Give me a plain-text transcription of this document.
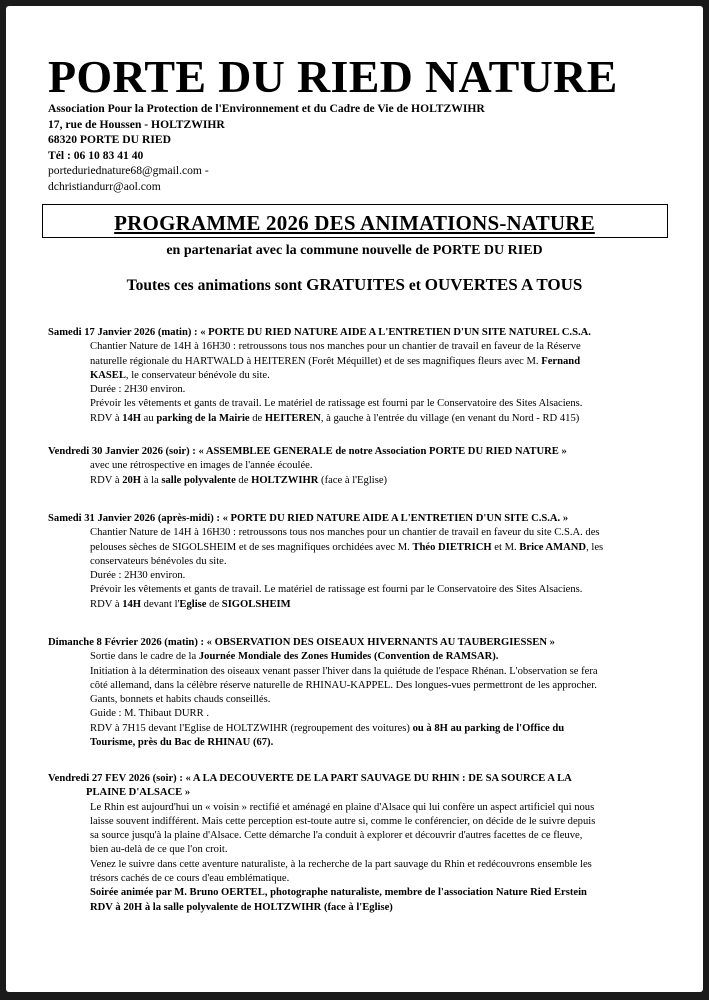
PORTE DU RIED NATURE
Association Pour la Protection de l'Environnement et du Cadre de Vie de HOLTZWIHR
17, rue de Houssen - HOLTZWIHR
68320 PORTE DU RIED
Tél : 06 10 83 41 40
porteduriednature68@gmail.com -
dchristiandurr@aol.com
PROGRAMME 2026 DES ANIMATIONS-NATURE
en partenariat avec la commune nouvelle de PORTE DU RIED
Toutes ces animations sont GRATUITES et OUVERTES A TOUS
Samedi 17 Janvier 2026 (matin) : « PORTE DU RIED NATURE AIDE A L'ENTRETIEN D'UN SITE NATUREL C.S.A.
Chantier Nature de 14H à 16H30 : retroussons tous nos manches pour un chantier de travail en faveur de la Réserve
naturelle régionale du HARTWALD à HEITEREN (Forêt Méquillet) et de ses magnifiques fleurs avec M. Fernand
KASEL, le conservateur bénévole du site.
Durée : 2H30 environ.
Prévoir les vêtements et gants de travail. Le matériel de ratissage est fourni par le Conservatoire des Sites Alsaciens.
RDV à 14H au parking de la Mairie de HEITEREN, à gauche à l'entrée du village (en venant du Nord - RD 415)
Vendredi 30 Janvier 2026 (soir) : « ASSEMBLEE GENERALE de notre Association PORTE DU RIED NATURE »
avec une rétrospective en images de l'année écoulée.
RDV à 20H à la salle polyvalente de HOLTZWIHR (face à l'Eglise)
Samedi 31 Janvier 2026 (après-midi) : « PORTE DU RIED NATURE AIDE A L'ENTRETIEN D'UN SITE C.S.A. »
Chantier Nature de 14H à 16H30 : retroussons tous nos manches pour un chantier de travail en faveur du site C.S.A. des
pelouses sèches de SIGOLSHEIM et de ses magnifiques orchidées avec M. Théo DIETRICH et M. Brice AMAND, les
conservateurs bénévoles du site.
Durée : 2H30 environ.
Prévoir les vêtements et gants de travail. Le matériel de ratissage est fourni par le Conservatoire des Sites Alsaciens.
RDV à 14H devant l'Eglise de SIGOLSHEIM
Dimanche 8 Février 2026 (matin) : « OBSERVATION DES OISEAUX HIVERNANTS AU TAUBERGIESSEN »
Sortie dans le cadre de la Journée Mondiale des Zones Humides (Convention de RAMSAR).
Initiation à la détermination des oiseaux venant passer l'hiver dans la quiétude de l'espace Rhénan. L'observation se fera
côté allemand, dans la célèbre réserve naturelle de RHINAU-KAPPEL. Des longues-vues permettront de les approcher.
Gants, bonnets et habits chauds conseillés.
Guide : M. Thibaut DURR .
RDV à 7H15 devant l'Eglise de HOLTZWIHR (regroupement des voitures) ou à 8H au parking de l'Office du
Tourisme, près du Bac de RHINAU (67).
Vendredi 27 FEV 2026 (soir) : « A LA DECOUVERTE DE LA PART SAUVAGE DU RHIN : DE SA SOURCE A LA
PLAINE D'ALSACE »
Le Rhin est aujourd'hui un « voisin » rectifié et aménagé en plaine d'Alsace qui lui confère un aspect artificiel qui nous
laisse souvent indifférent. Mais cette perception est-toute autre si, comme le conférencier, on décide de le suivre depuis
sa source jusqu'à la plaine d'Alsace. Cette démarche l'a conduit à explorer et découvrir d'autres facettes de ce fleuve,
bien au-delà de ce que l'on croit.
Venez le suivre dans cette aventure naturaliste, à la recherche de la part sauvage du Rhin et redécouvrons ensemble les
trésors cachés de ce cours d'eau emblématique.
Soirée animée par M. Bruno OERTEL, photographe naturaliste, membre de l'association Nature Ried Erstein
RDV à 20H à la salle polyvalente de HOLTZWIHR (face à l'Eglise)
